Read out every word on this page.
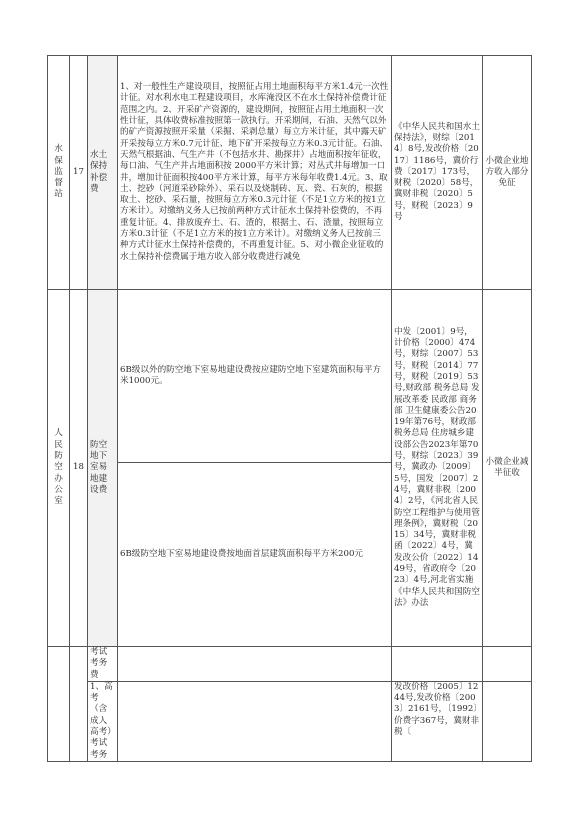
水保监督站	17	水土保持补偿费	1、对一般性生产建设项目，按照征占用土地面积每平方米1.4元一次性计征。对水利水电工程建设项目，水库淹没区不在水土保持补偿费计征范围之内。2、开采矿产资源的，建设期间，按照征占用土地面积一次性计征，具体收费标准按照第一款执行。开采期间，石油、天然气以外的矿产资源按照开采量（采掘、采剥总量）每立方米计征，其中露天矿开采按每立方米0.7元计征、地下矿开采按每立方米0.3元计征。石油、天然气根据油、气生产井（不包括水井、勘探井）占地面积按年征收，每口油、气生产井占地面积按 2000平方米计算；对丛式井每增加一口井，增加计征面积按400平方米计算，每平方米每年收费1.4元。3、取土、挖砂（河道采砂除外）、采石以及烧制砖、瓦、瓷、石灰的，根据取土、挖砂、采石量，按照每立方米0.3元计征（不足1立方米的按1立方米计）。对缴纳义务人已按前两种方式计征水土保持补偿费的，不再重复计征。4、排放废弃土、石、渣的，根据土、石、渣量，按照每立方米0.3计征（不足1立方米的按1立方米计）。对缴纳义务人已按前三种方式计征水土保持补偿费的，不再重复计征。5、对小微企业征收的水土保持补偿费属于地方收入部分收费进行减免	《中华人民共和国水土保持法》，财综〔2014〕8号,发改价格〔2017〕1186号，冀价行费〔2017〕173号，财税〔2020〕58号，冀财非税〔2020〕5号，财税〔2023〕9号	小微企业地方收入部分免征
人民防空办公室	18	防空地下室易地建设费	6B级以外的防空地下室易地建设费按应建防空地下室建筑面积每平方米1000元。	中发〔2001〕9号，计价格〔2000〕474号，财综〔2007〕53号，财税〔2014〕77号，财税〔2019〕53号,财政部 税务总局 发展改革委 民政部 商务部 卫生健康委公告2019年第76号，财政部 税务总局 住房城乡建设部公告2023年第70号，财综〔2023〕39号，冀政办〔2009〕5号，国发〔2007〕24号，冀财非税〔2004〕2号，《河北省人民防空工程维护与使用管理条例》，冀财税〔2015〕34号，冀财非税函〔2022〕4号，冀发改公价〔2022〕1449号，省政府令〔2023〕4号,河北省实施《中华人民共和国防空法》办法	小微企业减半征收
			6B级防空地下室易地建设费按地面首层建筑面积每平方米200元		
		考试考务费			
		1、高考（含成人高考）考试考务		发改价格〔2005〕1244号,发改价格〔2003〕2161号，〔1992〕价费字367号，冀财非税〔	
